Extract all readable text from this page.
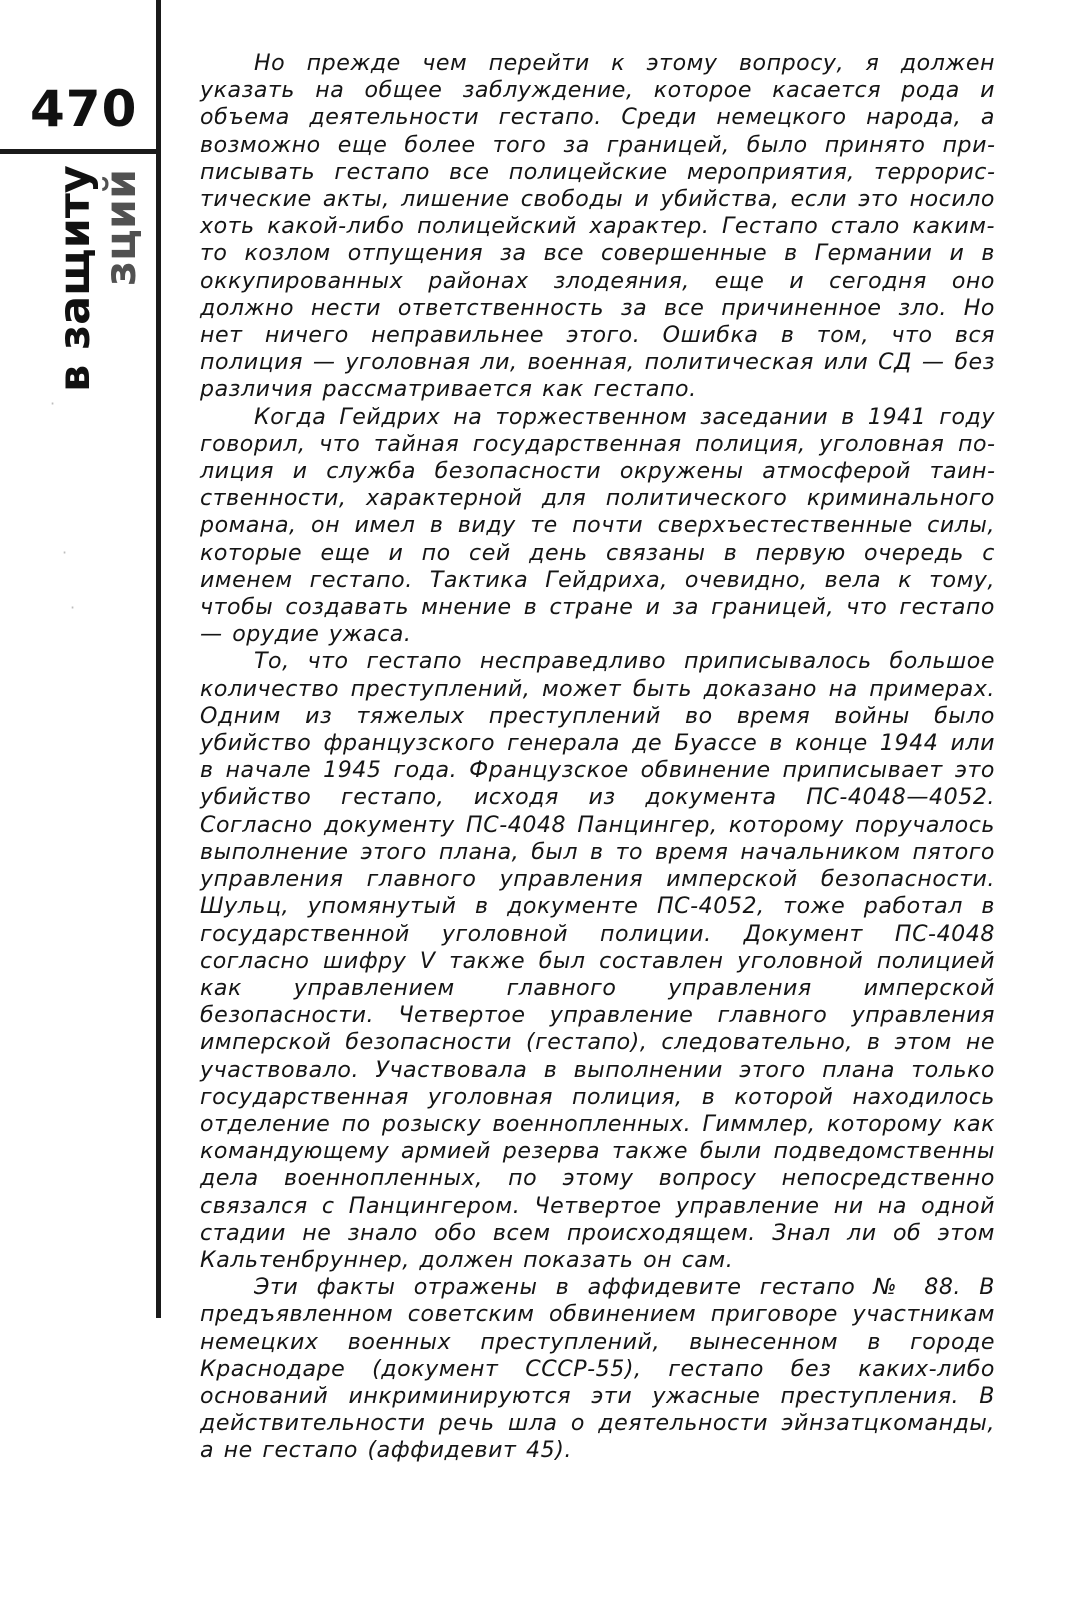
470
в защиту
зций
·
·
·

Но прежде чем перейти к этому вопросу, я должен указать на общее заблуждение, которое касается рода и объема деятельности гестапо. Среди немецкого народа, а возможно еще более того за границей, было принято приписывать гестапо все полицейские мероприятия, террористические акты, лишение свободы и убийства, если это носило хоть какой-либо полицейский характер. Гестапо стало каким-то козлом отпущения за все совершенные в Германии и в оккупированных районах злодеяния, еще и сегодня оно должно нести ответственность за все причиненное зло. Но нет ничего неправильнее этого. Ошибка в том, что вся полиция — уголовная ли, военная, политическая или СД — без различия рассматривается как гестапо.

Когда Гейдрих на торжественном заседании в 1941 году говорил, что тайная государственная полиция, уголовная полиция и служба безопасности окружены атмосферой таинственности, характерной для политического криминального романа, он имел в виду те почти сверхъестественные силы, которые еще и по сей день связаны в первую очередь с именем гестапо. Тактика Гейдриха, очевидно, вела к тому, чтобы создавать мнение в стране и за границей, что гестапо — орудие ужаса.

То, что гестапо несправедливо приписывалось большое количество преступлений, может быть доказано на примерах. Одним из тяжелых преступлений во время войны было убийство французского генерала де Буассе в конце 1944 или в начале 1945 года. Французское обвинение приписывает это убийство гестапо, исходя из документа ПС-4048—4052. Согласно документу ПС-4048 Панцингер, которому поручалось выполнение этого плана, был в то время начальником пятого управления главного управления имперской безопасности. Шульц, упомянутый в документе ПС-4052, тоже работал в государственной уголовной полиции. Документ ПС-4048 согласно шифру V также был составлен уголовной полицией как управлением главного управления имперской безопасности. Четвертое управление главного управления имперской безопасности (гестапо), следовательно, в этом не участвовало. Участвовала в выполнении этого плана только государственная уголовная полиция, в которой находилось отделение по розыску военнопленных. Гиммлер, которому как командующему армией резерва также были подведомственны дела военнопленных, по этому вопросу непосредственно связался с Панцингером. Четвертое управление ни на одной стадии не знало обо всем происходящем. Знал ли об этом Кальтенбруннер, должен показать он сам.

Эти факты отражены в аффидевите гестапо № 88. В предъявленном советским обвинением приговоре участникам немецких военных преступлений, вынесенном в городе Краснодаре (документ СССР-55), гестапо без каких-либо оснований инкриминируются эти ужасные преступления. В действительности речь шла о деятельности эйнзатцкоманды, а не гестапо (аффидевит 45).
